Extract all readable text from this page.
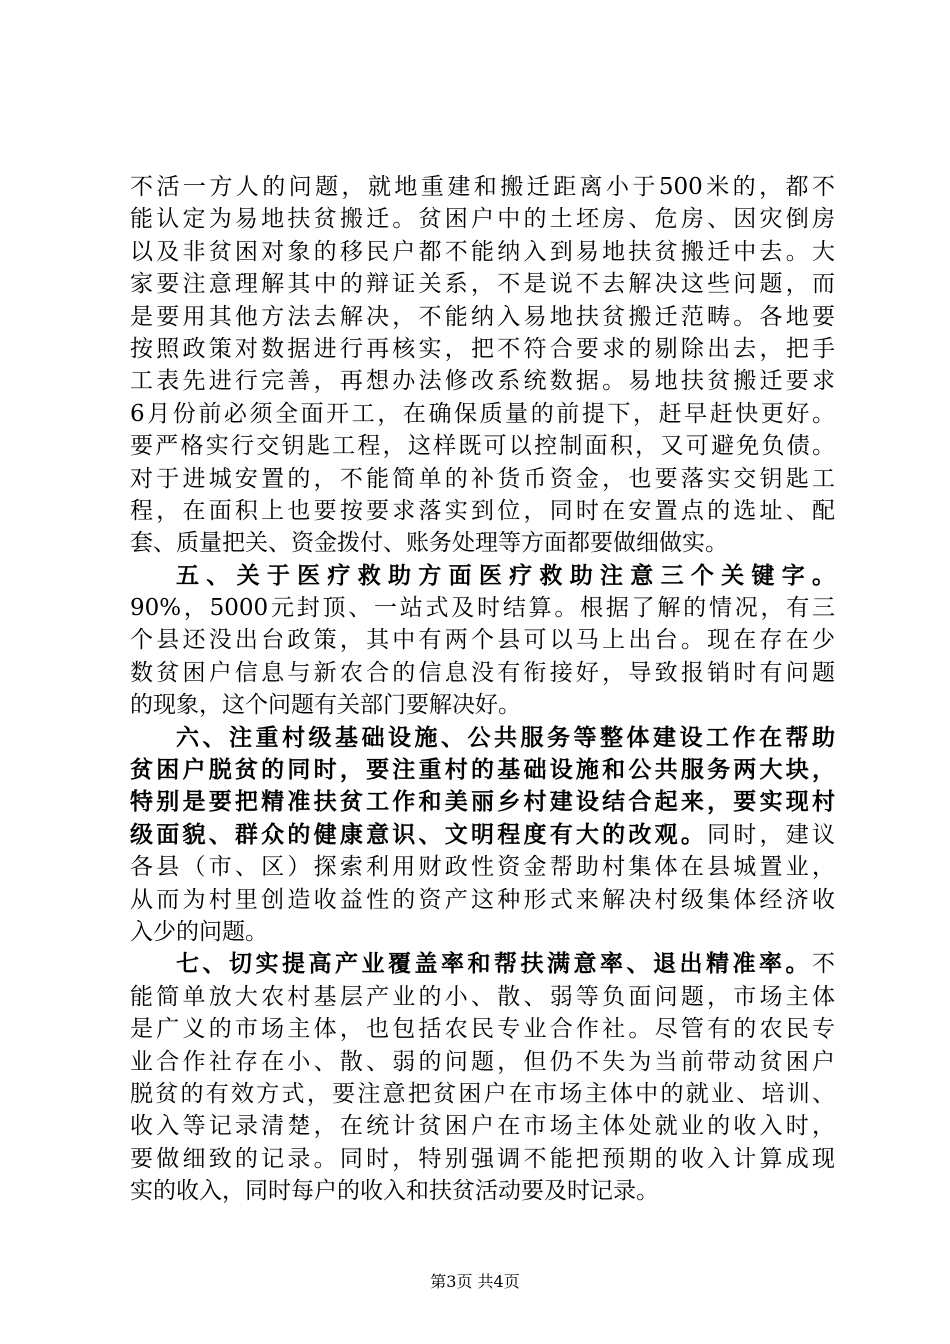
不活一方人的问题，就地重建和搬迁距离小于500米的，都不
能认定为易地扶贫搬迁。贫困户中的土坯房、危房、因灾倒房
以及非贫困对象的移民户都不能纳入到易地扶贫搬迁中去。大
家要注意理解其中的辩证关系，不是说不去解决这些问题，而
是要用其他方法去解决，不能纳入易地扶贫搬迁范畴。各地要
按照政策对数据进行再核实，把不符合要求的剔除出去，把手
工表先进行完善，再想办法修改系统数据。易地扶贫搬迁要求
6月份前必须全面开工，在确保质量的前提下，赶早赶快更好。
要严格实行交钥匙工程，这样既可以控制面积，又可避免负债。
对于进城安置的，不能简单的补货币资金，也要落实交钥匙工
程，在面积上也要按要求落实到位，同时在安置点的选址、配
套、质量把关、资金拨付、账务处理等方面都要做细做实。
五、关于医疗救助方面医疗救助注意三个关键字。
90%，5000元封顶、一站式及时结算。根据了解的情况，有三
个县还没出台政策，其中有两个县可以马上出台。现在存在少
数贫困户信息与新农合的信息没有衔接好，导致报销时有问题
的现象，这个问题有关部门要解决好。
六、注重村级基础设施、公共服务等整体建设工作在帮助
贫困户脱贫的同时，要注重村的基础设施和公共服务两大块，
特别是要把精准扶贫工作和美丽乡村建设结合起来，要实现村
级面貌、群众的健康意识、文明程度有大的改观。同时，建议
各县（市、区）探索利用财政性资金帮助村集体在县城置业，
从而为村里创造收益性的资产这种形式来解决村级集体经济收
入少的问题。
七、切实提高产业覆盖率和帮扶满意率、退出精准率。不
能简单放大农村基层产业的小、散、弱等负面问题，市场主体
是广义的市场主体，也包括农民专业合作社。尽管有的农民专
业合作社存在小、散、弱的问题，但仍不失为当前带动贫困户
脱贫的有效方式，要注意把贫困户在市场主体中的就业、培训、
收入等记录清楚，在统计贫困户在市场主体处就业的收入时，
要做细致的记录。同时，特别强调不能把预期的收入计算成现
实的收入，同时每户的收入和扶贫活动要及时记录。
第3页 共4页
